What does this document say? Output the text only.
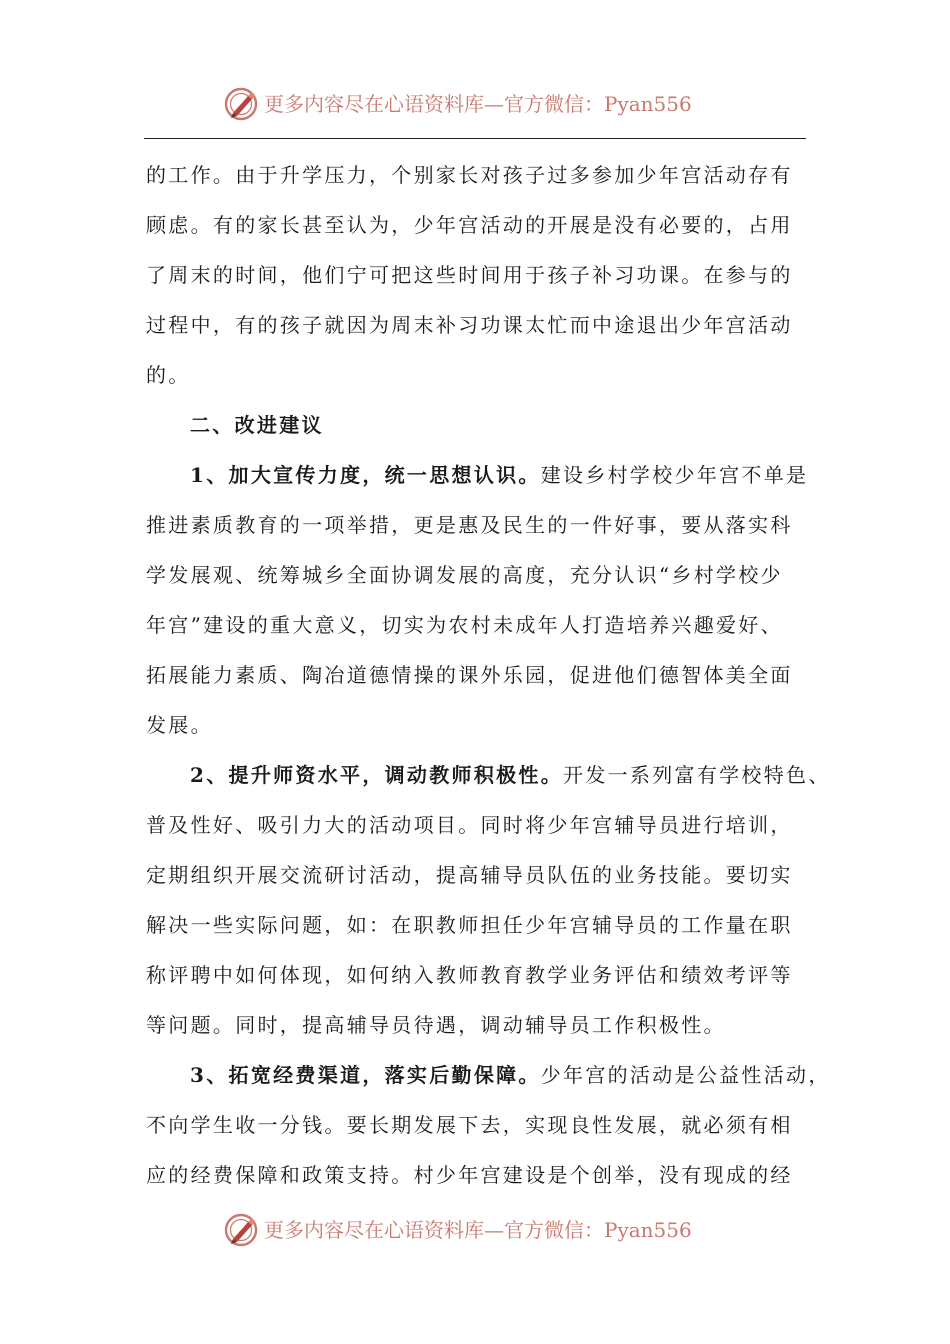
更多内容尽在心语资料库—官方微信：Pyan556
的工作。由于升学压力，个别家长对孩子过多参加少年宫活动存有
顾虑。有的家长甚至认为，少年宫活动的开展是没有必要的，占用
了周末的时间，他们宁可把这些时间用于孩子补习功课。在参与的
过程中，有的孩子就因为周末补习功课太忙而中途退出少年宫活动
的。
二、改进建议
1、加大宣传力度，统一思想认识。建设乡村学校少年宫不单是
推进素质教育的一项举措，更是惠及民生的一件好事，要从落实科
学发展观、统筹城乡全面协调发展的高度，充分认识“乡村学校少
年宫”建设的重大意义，切实为农村未成年人打造培养兴趣爱好、
拓展能力素质、陶冶道德情操的课外乐园，促进他们德智体美全面
发展。
2、提升师资水平，调动教师积极性。开发一系列富有学校特色、
普及性好、吸引力大的活动项目。同时将少年宫辅导员进行培训，
定期组织开展交流研讨活动，提高辅导员队伍的业务技能。要切实
解决一些实际问题，如：在职教师担任少年宫辅导员的工作量在职
称评聘中如何体现，如何纳入教师教育教学业务评估和绩效考评等
等问题。同时，提高辅导员待遇，调动辅导员工作积极性。
3、拓宽经费渠道，落实后勤保障。少年宫的活动是公益性活动，
不向学生收一分钱。要长期发展下去，实现良性发展，就必须有相
应的经费保障和政策支持。村少年宫建设是个创举，没有现成的经
更多内容尽在心语资料库—官方微信：Pyan556
